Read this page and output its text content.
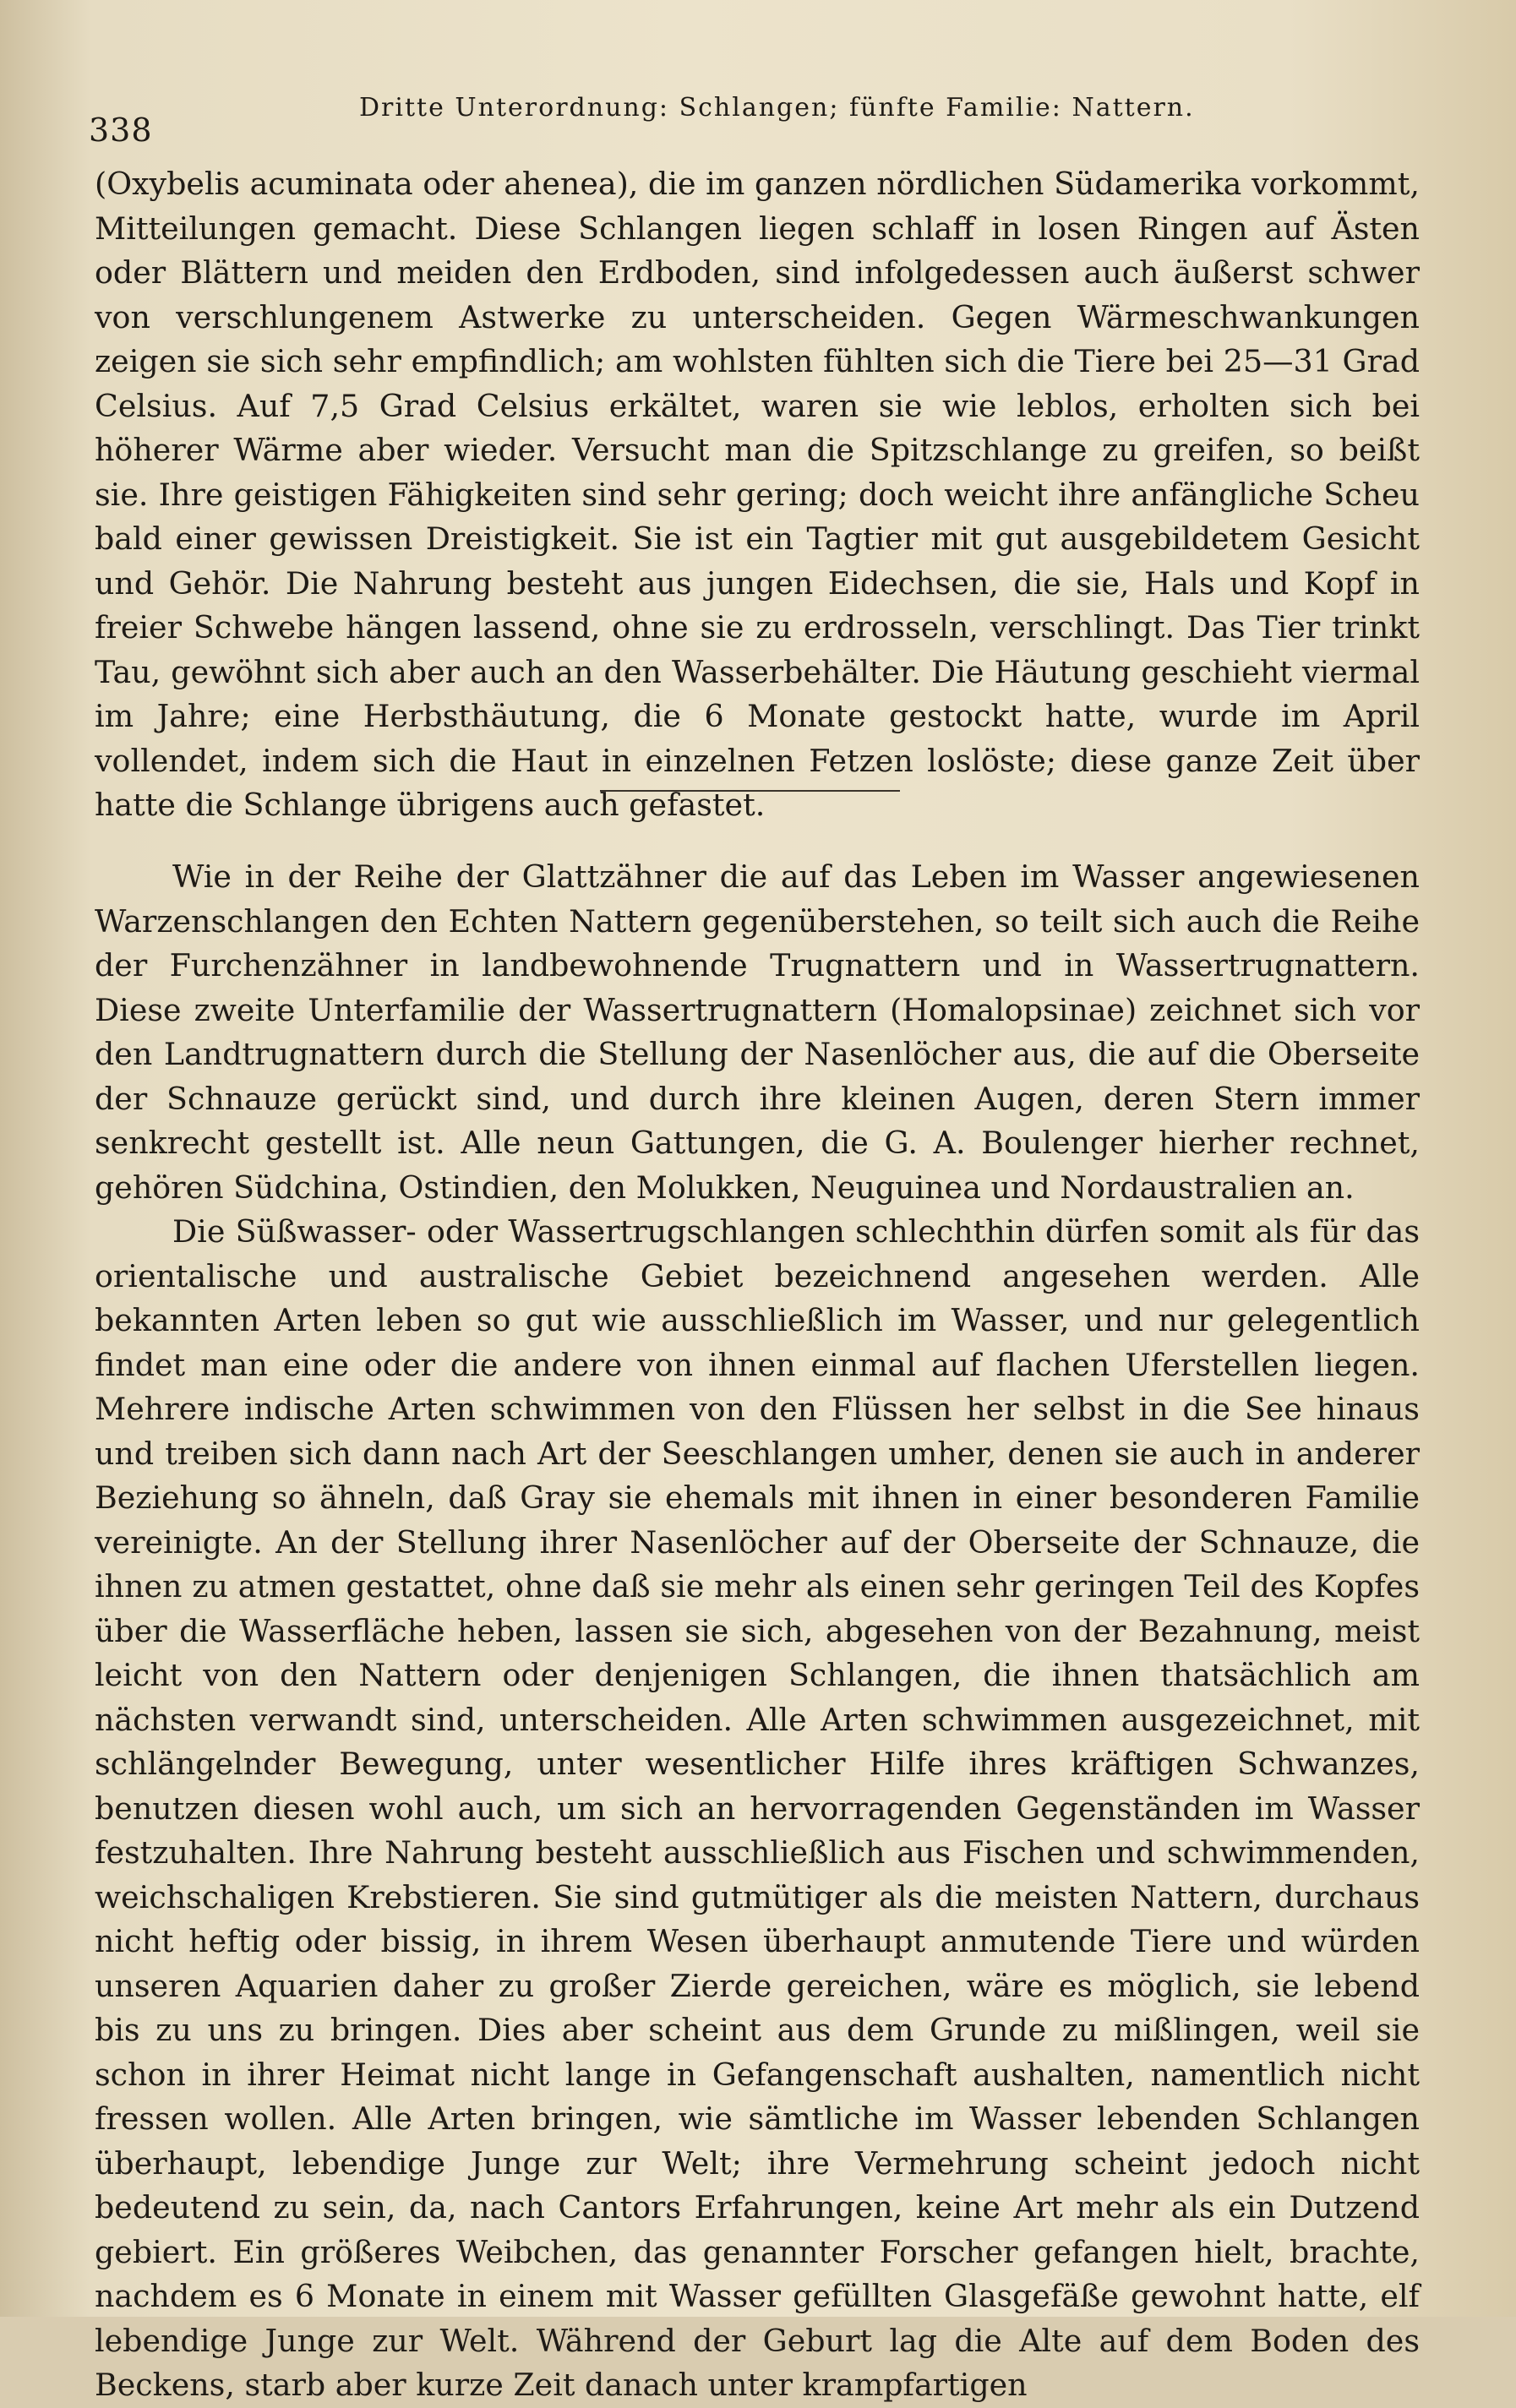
338
Dritte Unterordnung: Schlangen; fünfte Familie: Nattern.

(Oxybelis acuminata oder ahenea), die im ganzen nördlichen Südamerika vorkommt, Mitteilungen gemacht. Diese Schlangen liegen schlaff in losen Ringen auf Ästen oder Blättern und meiden den Erdboden, sind infolgedessen auch äußerst schwer von verschlungenem Astwerke zu unterscheiden. Gegen Wärmeschwankungen zeigen sie sich sehr empfindlich; am wohlsten fühlten sich die Tiere bei 25—31 Grad Celsius. Auf 7,5 Grad Celsius erkältet, waren sie wie leblos, erholten sich bei höherer Wärme aber wieder. Versucht man die Spitzschlange zu greifen, so beißt sie. Ihre geistigen Fähigkeiten sind sehr gering; doch weicht ihre anfängliche Scheu bald einer gewissen Dreistigkeit. Sie ist ein Tagtier mit gut ausgebildetem Gesicht und Gehör. Die Nahrung besteht aus jungen Eidechsen, die sie, Hals und Kopf in freier Schwebe hängen lassend, ohne sie zu erdrosseln, verschlingt. Das Tier trinkt Tau, gewöhnt sich aber auch an den Wasserbehälter. Die Häutung geschieht viermal im Jahre; eine Herbsthäutung, die 6 Monate gestockt hatte, wurde im April vollendet, indem sich die Haut in einzelnen Fetzen loslöste; diese ganze Zeit über hatte die Schlange übrigens auch gefastet.

Wie in der Reihe der Glattzähner die auf das Leben im Wasser angewiesenen Warzenschlangen den Echten Nattern gegenüberstehen, so teilt sich auch die Reihe der Furchenzähner in landbewohnende Trugnattern und in Wassertrugnattern. Diese zweite Unterfamilie der Wassertrugnattern (Homalopsinae) zeichnet sich vor den Landtrugnattern durch die Stellung der Nasenlöcher aus, die auf die Oberseite der Schnauze gerückt sind, und durch ihre kleinen Augen, deren Stern immer senkrecht gestellt ist. Alle neun Gattungen, die G. A. Boulenger hierher rechnet, gehören Südchina, Ostindien, den Molukken, Neuguinea und Nordaustralien an.

Die Süßwasser- oder Wassertrugschlangen schlechthin dürfen somit als für das orientalische und australische Gebiet bezeichnend angesehen werden. Alle bekannten Arten leben so gut wie ausschließlich im Wasser, und nur gelegentlich findet man eine oder die andere von ihnen einmal auf flachen Uferstellen liegen. Mehrere indische Arten schwimmen von den Flüssen her selbst in die See hinaus und treiben sich dann nach Art der Seeschlangen umher, denen sie auch in anderer Beziehung so ähneln, daß Gray sie ehemals mit ihnen in einer besonderen Familie vereinigte. An der Stellung ihrer Nasenlöcher auf der Oberseite der Schnauze, die ihnen zu atmen gestattet, ohne daß sie mehr als einen sehr geringen Teil des Kopfes über die Wasserfläche heben, lassen sie sich, abgesehen von der Bezahnung, meist leicht von den Nattern oder denjenigen Schlangen, die ihnen thatsächlich am nächsten verwandt sind, unterscheiden. Alle Arten schwimmen ausgezeichnet, mit schlängelnder Bewegung, unter wesentlicher Hilfe ihres kräftigen Schwanzes, benutzen diesen wohl auch, um sich an hervorragenden Gegenständen im Wasser festzuhalten. Ihre Nahrung besteht ausschließlich aus Fischen und schwimmenden, weichschaligen Krebstieren. Sie sind gutmütiger als die meisten Nattern, durchaus nicht heftig oder bissig, in ihrem Wesen überhaupt anmutende Tiere und würden unseren Aquarien daher zu großer Zierde gereichen, wäre es möglich, sie lebend bis zu uns zu bringen. Dies aber scheint aus dem Grunde zu mißlingen, weil sie schon in ihrer Heimat nicht lange in Gefangenschaft aushalten, namentlich nicht fressen wollen. Alle Arten bringen, wie sämtliche im Wasser lebenden Schlangen überhaupt, lebendige Junge zur Welt; ihre Vermehrung scheint jedoch nicht bedeutend zu sein, da, nach Cantors Erfahrungen, keine Art mehr als ein Dutzend gebiert. Ein größeres Weibchen, das genannter Forscher gefangen hielt, brachte, nachdem es 6 Monate in einem mit Wasser gefüllten Glasgefäße gewohnt hatte, elf lebendige Junge zur Welt. Während der Geburt lag die Alte auf dem Boden des Beckens, starb aber kurze Zeit danach unter krampfartigen
